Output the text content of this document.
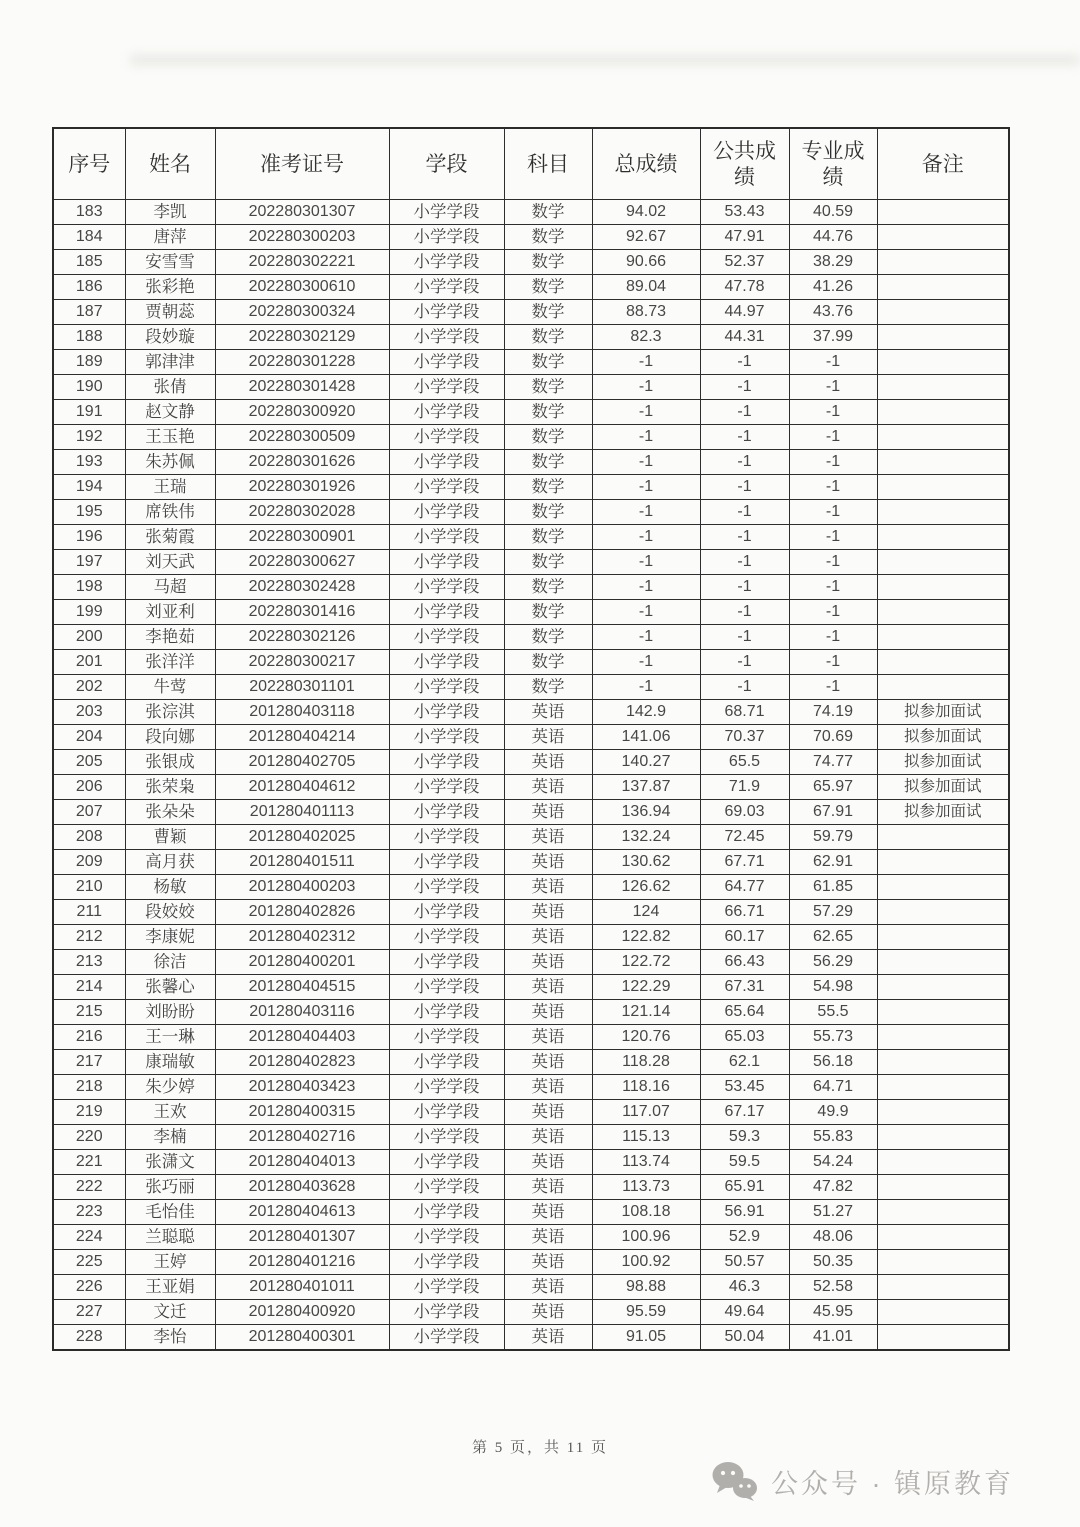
序号	姓名	准考证号	学段	科目	总成绩	公共成绩	专业成绩	备注
183	李凯	202280301307	小学学段	数学	94.02	53.43	40.59	
184	唐萍	202280300203	小学学段	数学	92.67	47.91	44.76	
185	安雪雪	202280302221	小学学段	数学	90.66	52.37	38.29	
186	张彩艳	202280300610	小学学段	数学	89.04	47.78	41.26	
187	贾朝蕊	202280300324	小学学段	数学	88.73	44.97	43.76	
188	段妙璇	202280302129	小学学段	数学	82.3	44.31	37.99	
189	郭津津	202280301228	小学学段	数学	-1	-1	-1	
190	张倩	202280301428	小学学段	数学	-1	-1	-1	
191	赵文静	202280300920	小学学段	数学	-1	-1	-1	
192	王玉艳	202280300509	小学学段	数学	-1	-1	-1	
193	朱苏佩	202280301626	小学学段	数学	-1	-1	-1	
194	王瑞	202280301926	小学学段	数学	-1	-1	-1	
195	席铁伟	202280302028	小学学段	数学	-1	-1	-1	
196	张菊霞	202280300901	小学学段	数学	-1	-1	-1	
197	刘天武	202280300627	小学学段	数学	-1	-1	-1	
198	马超	202280302428	小学学段	数学	-1	-1	-1	
199	刘亚利	202280301416	小学学段	数学	-1	-1	-1	
200	李艳茹	202280302126	小学学段	数学	-1	-1	-1	
201	张洋洋	202280300217	小学学段	数学	-1	-1	-1	
202	牛莺	202280301101	小学学段	数学	-1	-1	-1	
203	张淙淇	201280403118	小学学段	英语	142.9	68.71	74.19	拟参加面试
204	段向娜	201280404214	小学学段	英语	141.06	70.37	70.69	拟参加面试
205	张银成	201280402705	小学学段	英语	140.27	65.5	74.77	拟参加面试
206	张荣枭	201280404612	小学学段	英语	137.87	71.9	65.97	拟参加面试
207	张朵朵	201280401113	小学学段	英语	136.94	69.03	67.91	拟参加面试
208	曹颖	201280402025	小学学段	英语	132.24	72.45	59.79	
209	高月获	201280401511	小学学段	英语	130.62	67.71	62.91	
210	杨敏	201280400203	小学学段	英语	126.62	64.77	61.85	
211	段姣姣	201280402826	小学学段	英语	124	66.71	57.29	
212	李康妮	201280402312	小学学段	英语	122.82	60.17	62.65	
213	徐洁	201280400201	小学学段	英语	122.72	66.43	56.29	
214	张馨心	201280404515	小学学段	英语	122.29	67.31	54.98	
215	刘盼盼	201280403116	小学学段	英语	121.14	65.64	55.5	
216	王一琳	201280404403	小学学段	英语	120.76	65.03	55.73	
217	康瑞敏	201280402823	小学学段	英语	118.28	62.1	56.18	
218	朱少婷	201280403423	小学学段	英语	118.16	53.45	64.71	
219	王欢	201280400315	小学学段	英语	117.07	67.17	49.9	
220	李楠	201280402716	小学学段	英语	115.13	59.3	55.83	
221	张潇文	201280404013	小学学段	英语	113.74	59.5	54.24	
222	张巧丽	201280403628	小学学段	英语	113.73	65.91	47.82	
223	毛怡佳	201280404613	小学学段	英语	108.18	56.91	51.27	
224	兰聪聪	201280401307	小学学段	英语	100.96	52.9	48.06	
225	王婷	201280401216	小学学段	英语	100.92	50.57	50.35	
226	王亚娟	201280401011	小学学段	英语	98.88	46.3	52.58	
227	文迁	201280400920	小学学段	英语	95.59	49.64	45.95	
228	李怡	201280400301	小学学段	英语	91.05	50.04	41.01	
第 5 页，共 11 页
公众号 · 镇原教育
